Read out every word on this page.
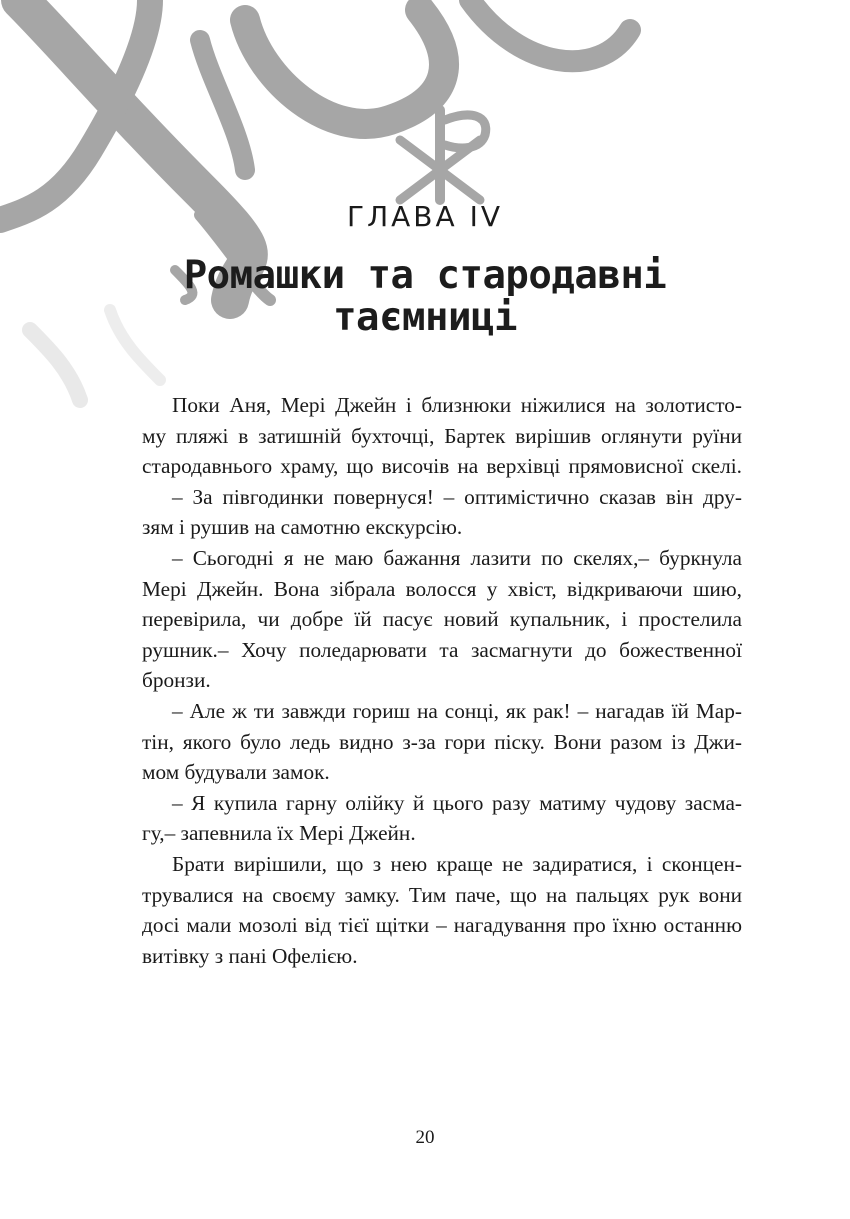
ГЛАВА IV
Ромашки та стародавні
таємниці
Поки Аня, Мері Джейн і близнюки ніжилися на золотисто-
му пляжі в затишній бухточці, Бартек вирішив оглянути руїни
стародавнього храму, що височів на верхівці прямовисної скелі.
– За півгодинки повернуся! – оптимістично сказав він дру-
зям і рушив на самотню екскурсію.
– Сьогодні я не маю бажання лазити по скелях,– буркнула
Мері Джейн. Вона зібрала волосся у хвіст, відкриваючи шию,
перевірила, чи добре їй пасує новий купальник, і простелила
рушник.– Хочу поледарювати та засмагнути до божественної
бронзи.
– Але ж ти завжди гориш на сонці, як рак! – нагадав їй Мар-
тін, якого було ледь видно з-за гори піску. Вони разом із Джи-
мом будували замок.
– Я купила гарну олійку й цього разу матиму чудову засма-
гу,– запевнила їх Мері Джейн.
Брати вирішили, що з нею краще не задиратися, і сконцен-
трувалися на своєму замку. Тим паче, що на пальцях рук вони
досі мали мозолі від тієї щітки – нагадування про їхню останню
витівку з пані Офелією.
20
